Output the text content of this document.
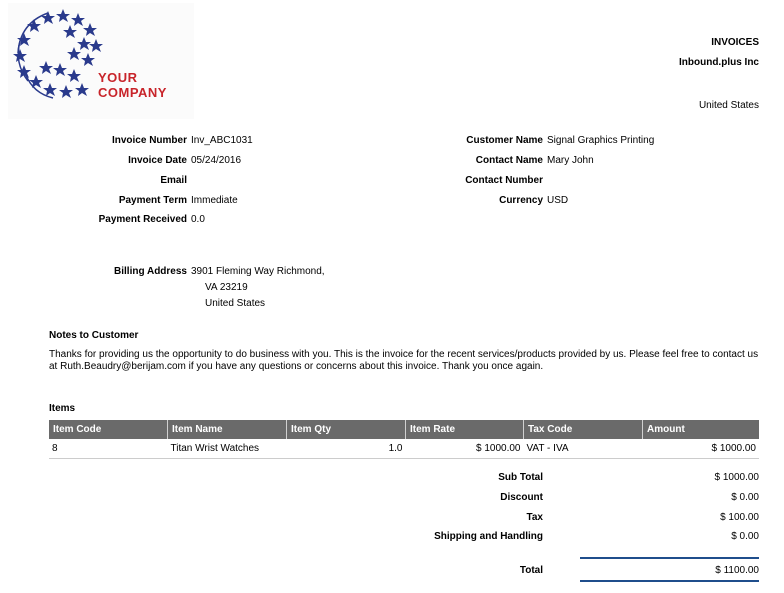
YOUR
COMPANY
INVOICES
Inbound.plus Inc
United States
Invoice Number Inv_ABC1031
Invoice Date 05/24/2016
Email
Payment Term Immediate
Payment Received 0.0
Customer Name Signal Graphics Printing
Contact Name Mary John
Contact Number
Currency USD
Billing Address 3901 Fleming Way Richmond,
VA 23219
United States
Notes to Customer
Thanks for providing us the opportunity to do business with you. This is the invoice for the recent services/products provided by us. Please feel free to contact us at Ruth.Beaudry@berijam.com if you have any questions or concerns about this invoice. Thank you once again.
Items
Item Code	Item Name	Item Qty	Item Rate	Tax Code	Amount
8	Titan Wrist Watches	1.0	$ 1000.00	VAT - IVA	$ 1000.00
Sub Total	$ 1000.00
Discount	$ 0.00
Tax	$ 100.00
Shipping and Handling	$ 0.00
Total	$ 1100.00
